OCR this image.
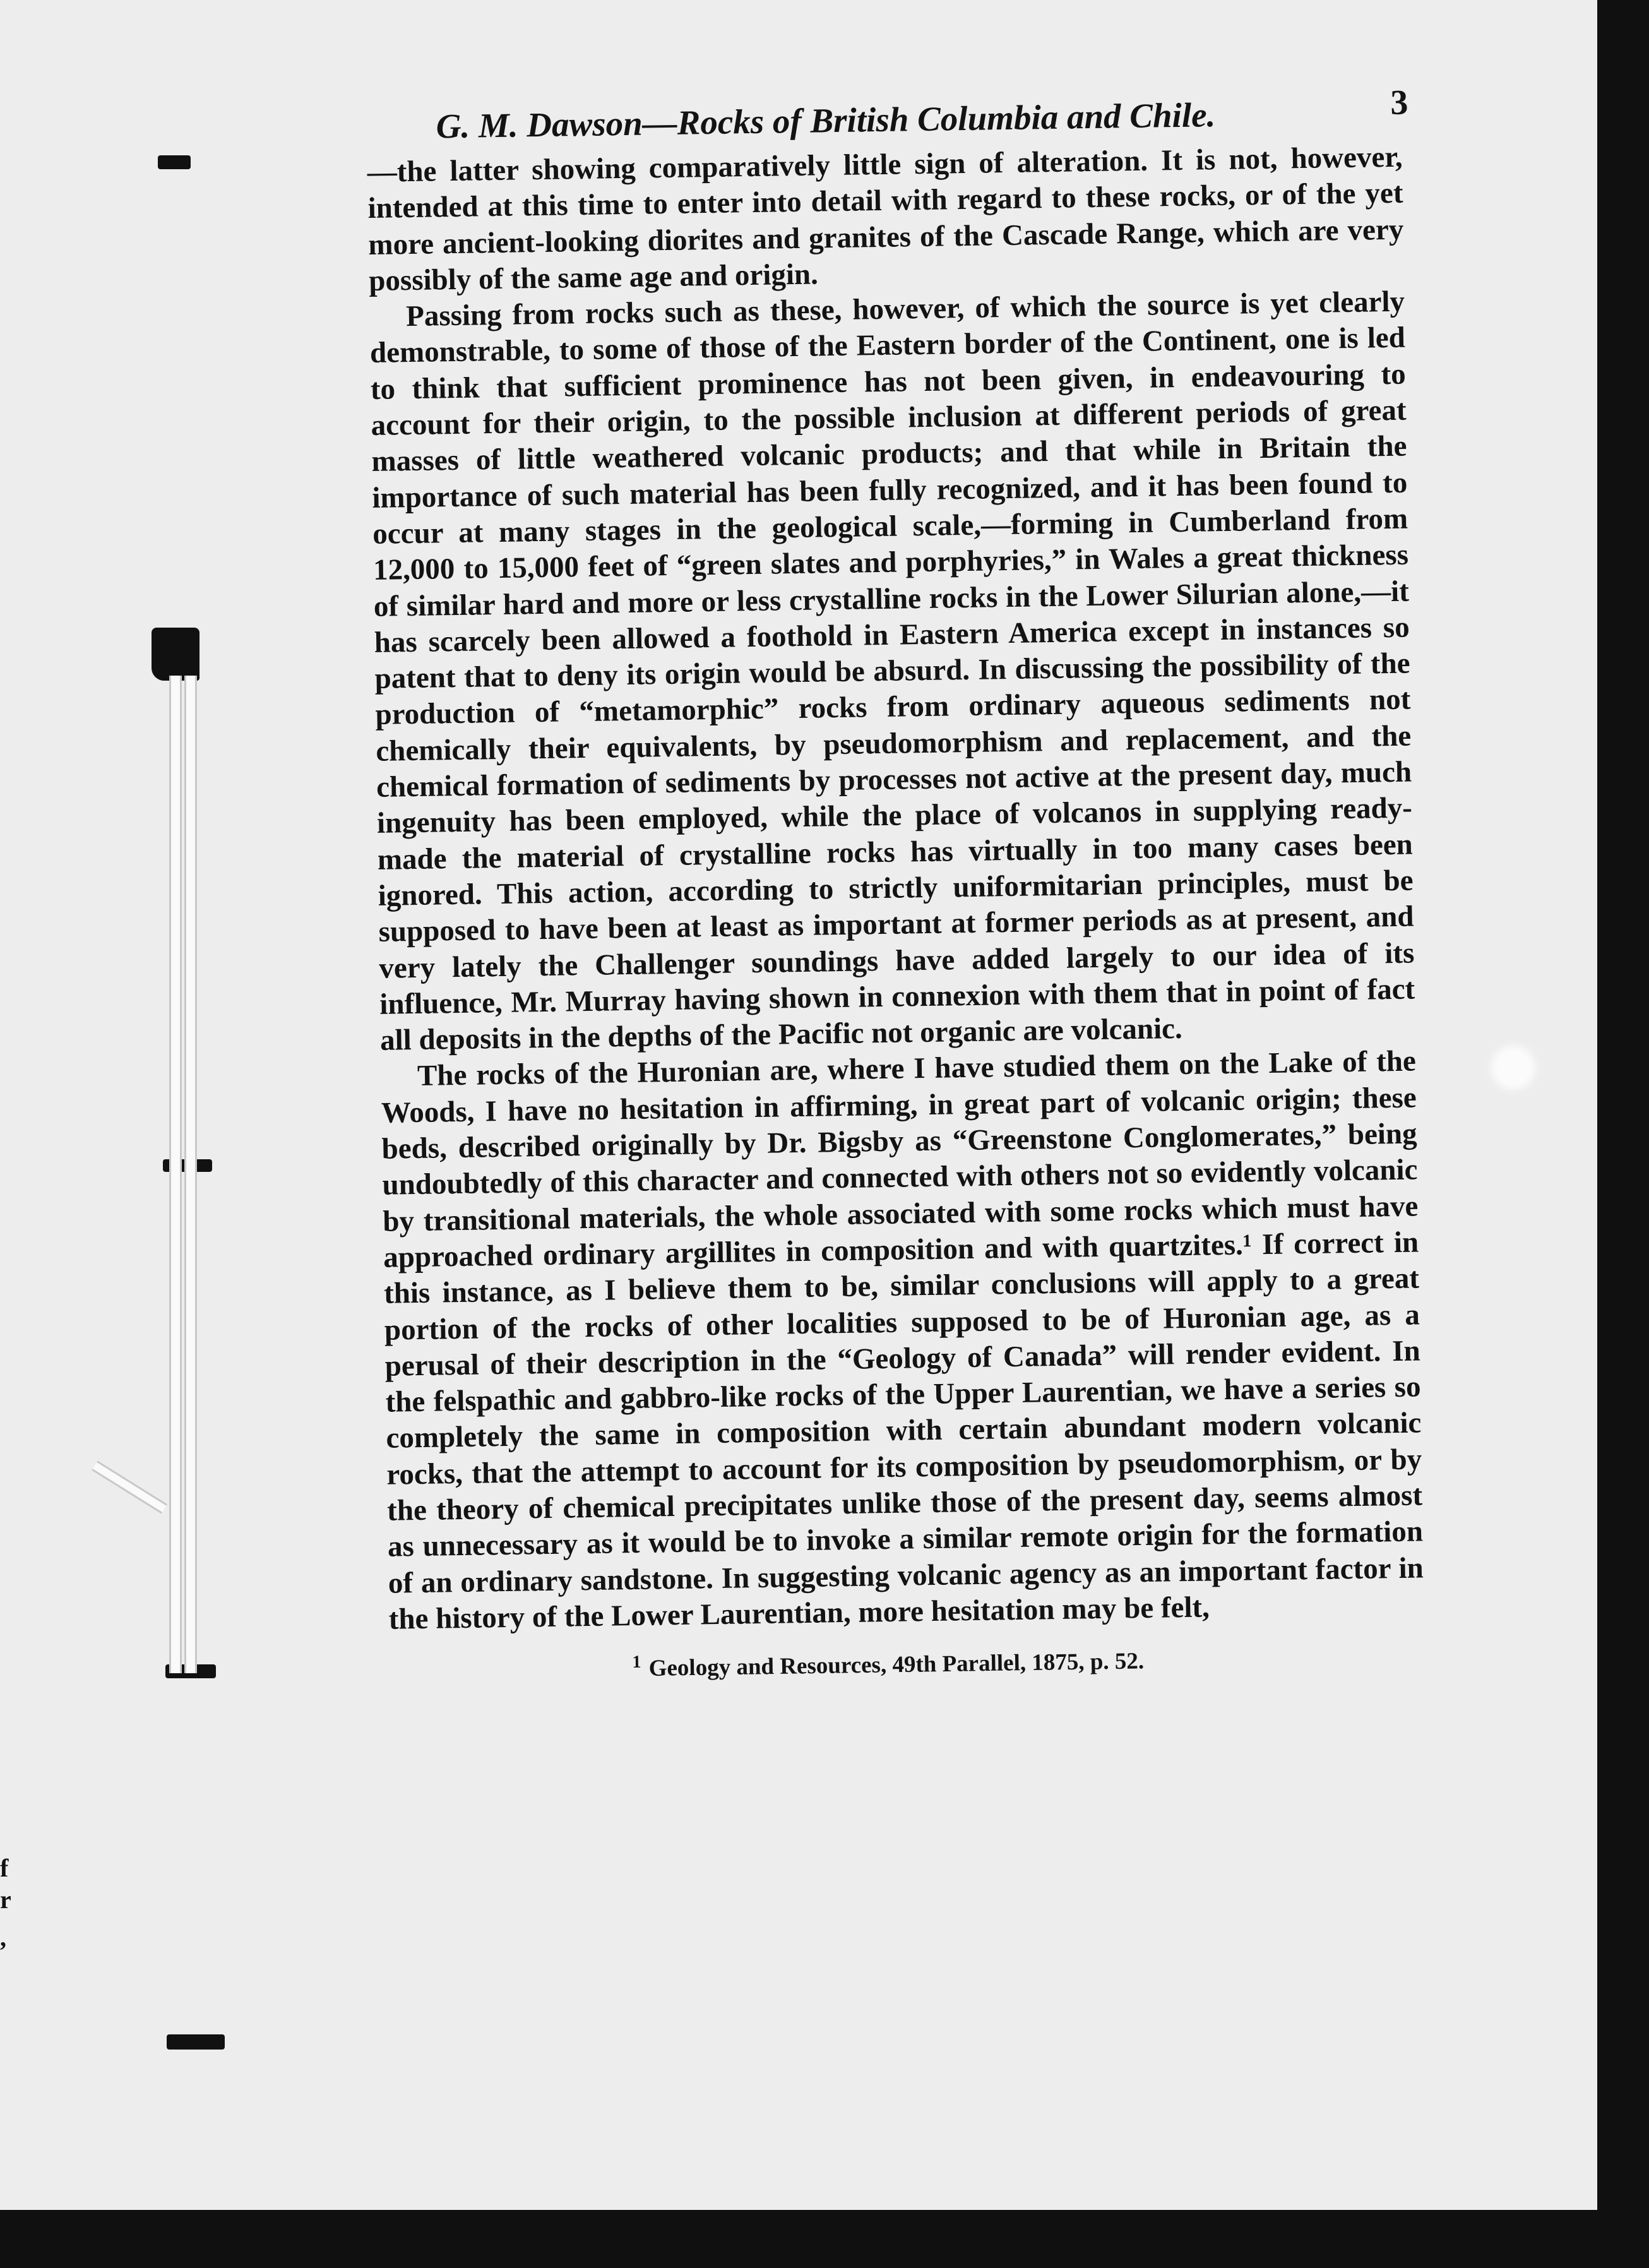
f
r
,
G. M. Dawson—Rocks of British Columbia and Chile.	3

—the latter showing comparatively little sign of alteration. It is not, however, intended at this time to enter into detail with regard to these rocks, or of the yet more ancient-looking diorites and granites of the Cascade Range, which are very possibly of the same age and origin.

Passing from rocks such as these, however, of which the source is yet clearly demonstrable, to some of those of the Eastern border of the Continent, one is led to think that sufficient prominence has not been given, in endeavouring to account for their origin, to the possible inclusion at different periods of great masses of little weathered volcanic products; and that while in Britain the importance of such material has been fully recognized, and it has been found to occur at many stages in the geological scale,—forming in Cumberland from 12,000 to 15,000 feet of “green slates and porphyries,” in Wales a great thickness of similar hard and more or less crystalline rocks in the Lower Silurian alone,—it has scarcely been allowed a foothold in Eastern America except in instances so patent that to deny its origin would be absurd. In discussing the possibility of the production of “metamorphic” rocks from ordinary aqueous sediments not chemically their equivalents, by pseudomorphism and replacement, and the chemical formation of sediments by processes not active at the present day, much ingenuity has been employed, while the place of volcanos in supplying ready-made the material of crystalline rocks has virtually in too many cases been ignored. This action, according to strictly uniformitarian principles, must be supposed to have been at least as important at former periods as at present, and very lately the Challenger soundings have added largely to our idea of its influence, Mr. Murray having shown in connexion with them that in point of fact all deposits in the depths of the Pacific not organic are volcanic.

The rocks of the Huronian are, where I have studied them on the Lake of the Woods, I have no hesitation in affirming, in great part of volcanic origin; these beds, described originally by Dr. Bigsby as “Greenstone Conglomerates,” being undoubtedly of this character and connected with others not so evidently volcanic by transitional materials, the whole associated with some rocks which must have approached ordinary argillites in composition and with quartzites.¹ If correct in this instance, as I believe them to be, similar conclusions will apply to a great portion of the rocks of other localities supposed to be of Huronian age, as a perusal of their description in the “Geology of Canada” will render evident. In the felspathic and gabbro-like rocks of the Upper Laurentian, we have a series so completely the same in composition with certain abundant modern volcanic rocks, that the attempt to account for its composition by pseudomorphism, or by the theory of chemical precipitates unlike those of the present day, seems almost as unnecessary as it would be to invoke a similar remote origin for the formation of an ordinary sandstone. In suggesting volcanic agency as an important factor in the history of the Lower Laurentian, more hesitation may be felt,

$^1$ Geology and Resources, 49th Parallel, 1875, p. 52.
